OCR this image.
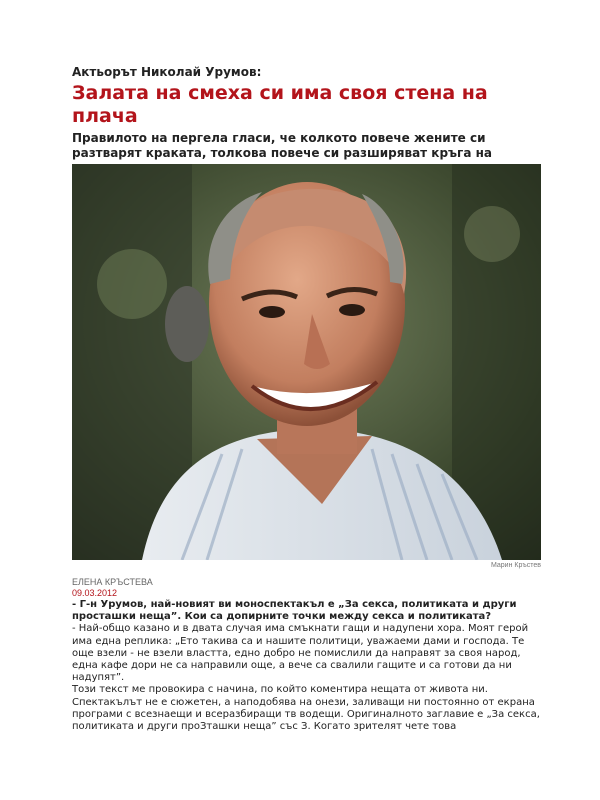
Актьорът Николай Урумов:

Залата на смеха си има своя стена на плача

Правилото на пергела гласи, че колкото повече жените си разтварят краката, толкова повече си разширяват кръга на

Марин Кръстев
ЕЛЕНА КРЪСТЕВА
09.03.2012

- Г-н Урумов, най-новият ви моноспектакъл е „За секса, политиката и други просташки неща”. Кои са допирните точки между секса и политиката?

- Най-общо казано и в двата случая има смъкнати гащи и надупени хора. Моят герой има една реплика: „Ето такива са и нашите политици, уважаеми дами и господа. Те още взели - не взели властта, едно добро не помислили да направят за своя народ, една кафе дори не са направили още, а вече са свалили гащите и са готови да ни надупят”.

Този текст ме провокира с начина, по който коментира нещата от живота ни. Спектакълът не е сюжетен, а наподобява на онези, заливащи ни постоянно от екрана програми с всезнаещи и всеразбиращи тв водещи. Оригиналното заглавие е „За секса, политиката и други проЗташки неща” със З. Когато зрителят чете това
